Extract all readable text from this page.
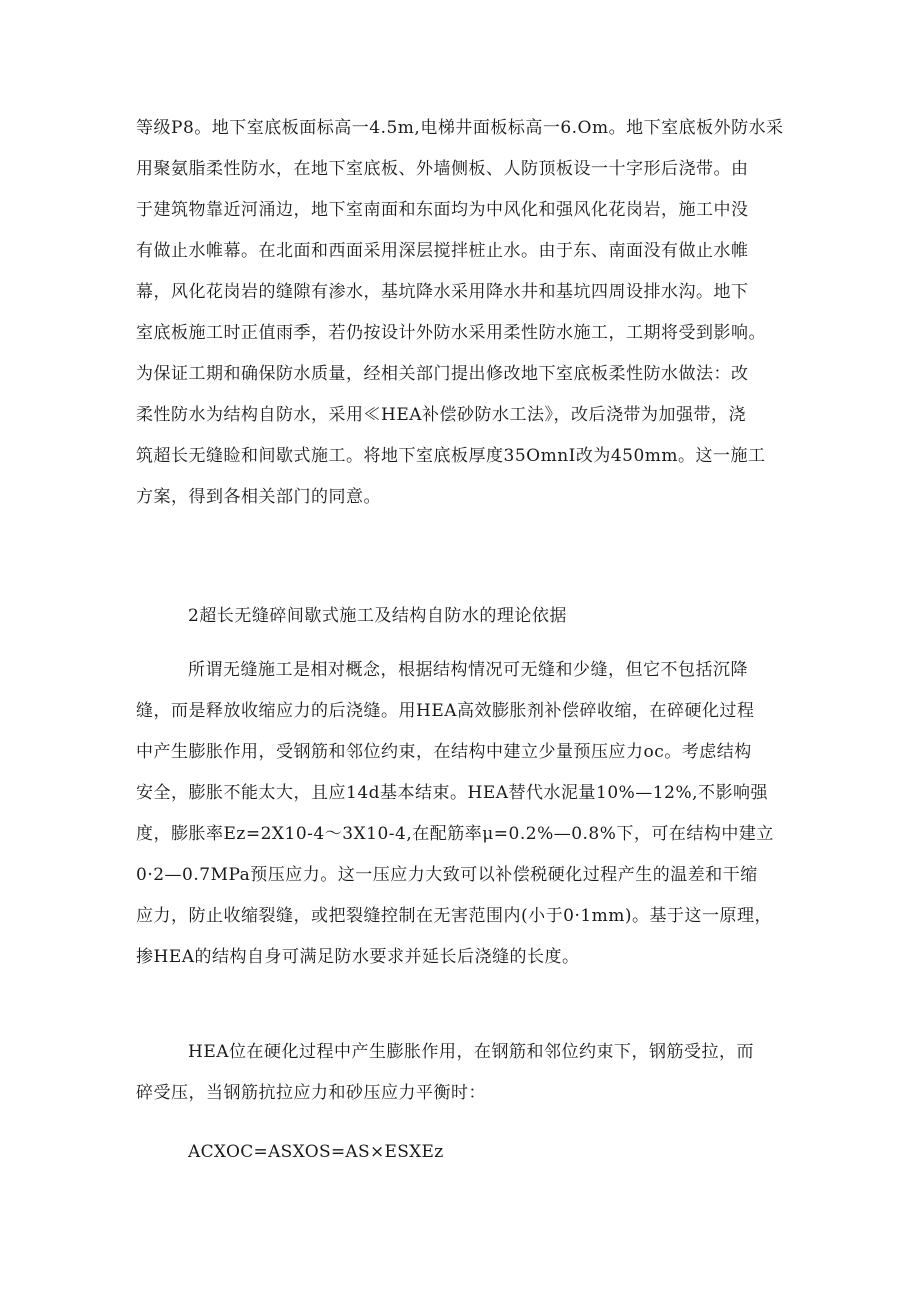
等级P8。地下室底板面标高一4.5m,电梯井面板标高一6.Om。地下室底板外防水采
用聚氨脂柔性防水，在地下室底板、外墙侧板、人防顶板设一十字形后浇带。由
于建筑物靠近河涌边，地下室南面和东面均为中风化和强风化花岗岩，施工中没
有做止水帷幕。在北面和西面采用深层搅拌桩止水。由于东、南面没有做止水帷
幕，风化花岗岩的缝隙有渗水，基坑降水采用降水井和基坑四周设排水沟。地下
室底板施工时正值雨季，若仍按设计外防水采用柔性防水施工，工期将受到影响。
为保证工期和确保防水质量，经相关部门提出修改地下室底板柔性防水做法：改
柔性防水为结构自防水，采用≪HEA补偿砂防水工法》，改后浇带为加强带，浇
筑超长无缝睑和间歇式施工。将地下室底板厚度35OmnI改为450mm。这一施工
方案，得到各相关部门的同意。

2超长无缝碎间歇式施工及结构自防水的理论依据

所谓无缝施工是相对概念，根据结构情况可无缝和少缝，但它不包括沉降
缝，而是释放收缩应力的后浇缝。用HEA高效膨胀剂补偿碎收缩，在碎硬化过程
中产生膨胀作用，受钢筋和邻位约束，在结构中建立少量预压应力oc。考虑结构
安全，膨胀不能太大，且应14d基本结束。HEA替代水泥量10%—12%,不影响强
度，膨胀率Ez=2X10-4～3X10-4,在配筋率μ=0.2%—0.8%下，可在结构中建立
0·2—0.7MPa预压应力。这一压应力大致可以补偿税硬化过程产生的温差和干缩
应力，防止收缩裂缝，或把裂缝控制在无害范围内(小于0·1mm)。基于这一原理，
掺HEA的结构自身可满足防水要求并延长后浇缝的长度。
HEA位在硬化过程中产生膨胀作用，在钢筋和邻位约束下，钢筋受拉，而
碎受压，当钢筋抗拉应力和砂压应力平衡时：

ACXOC=ASXOS=AS×ESXEz
